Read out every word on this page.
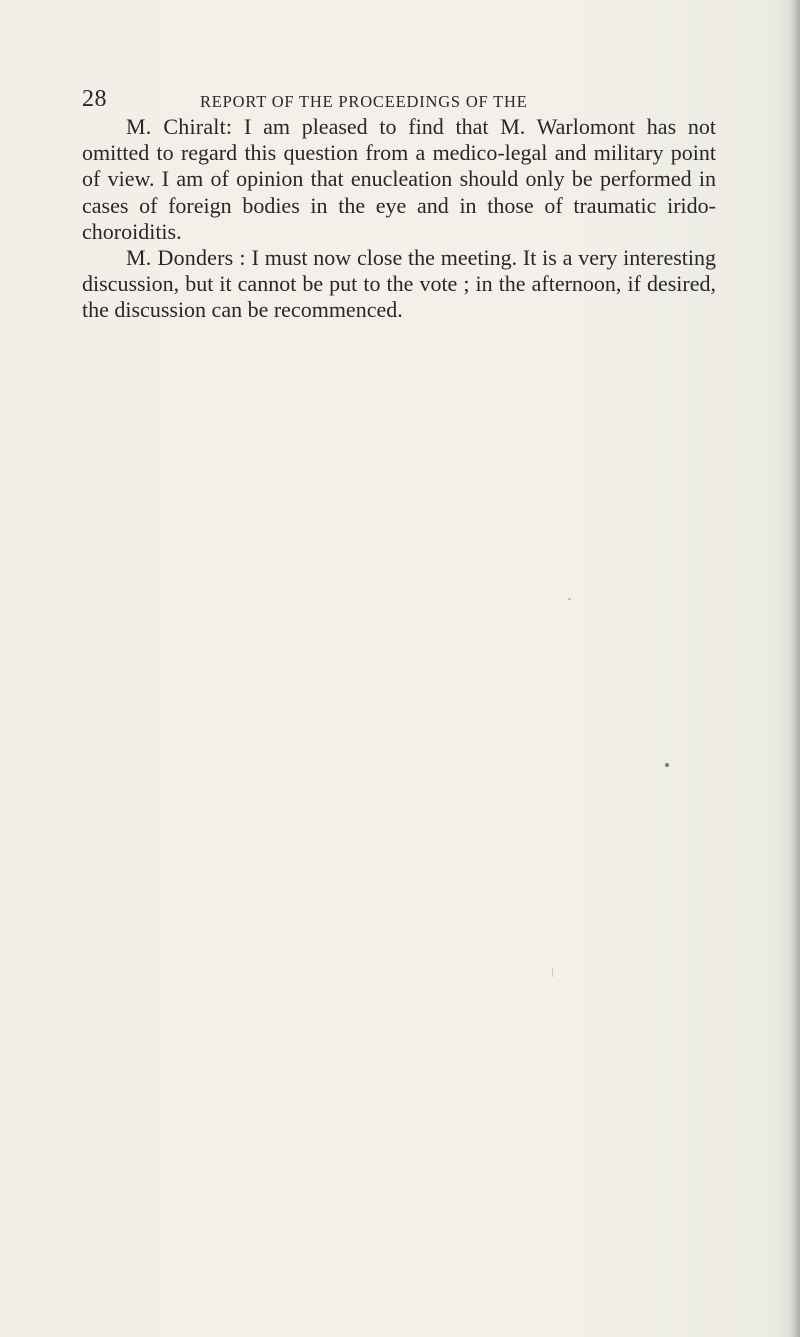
28	REPORT OF THE PROCEEDINGS OF THE

M. Chiralt: I am pleased to find that M. Warlomont has not omitted to regard this question from a medico-legal and military point of view. I am of opinion that enucleation should only be performed in cases of foreign bodies in the eye and in those of traumatic irido-choroiditis.

M. Donders : I must now close the meeting. It is a very interesting discussion, but it cannot be put to the vote ; in the afternoon, if desired, the discussion can be recommenced.
